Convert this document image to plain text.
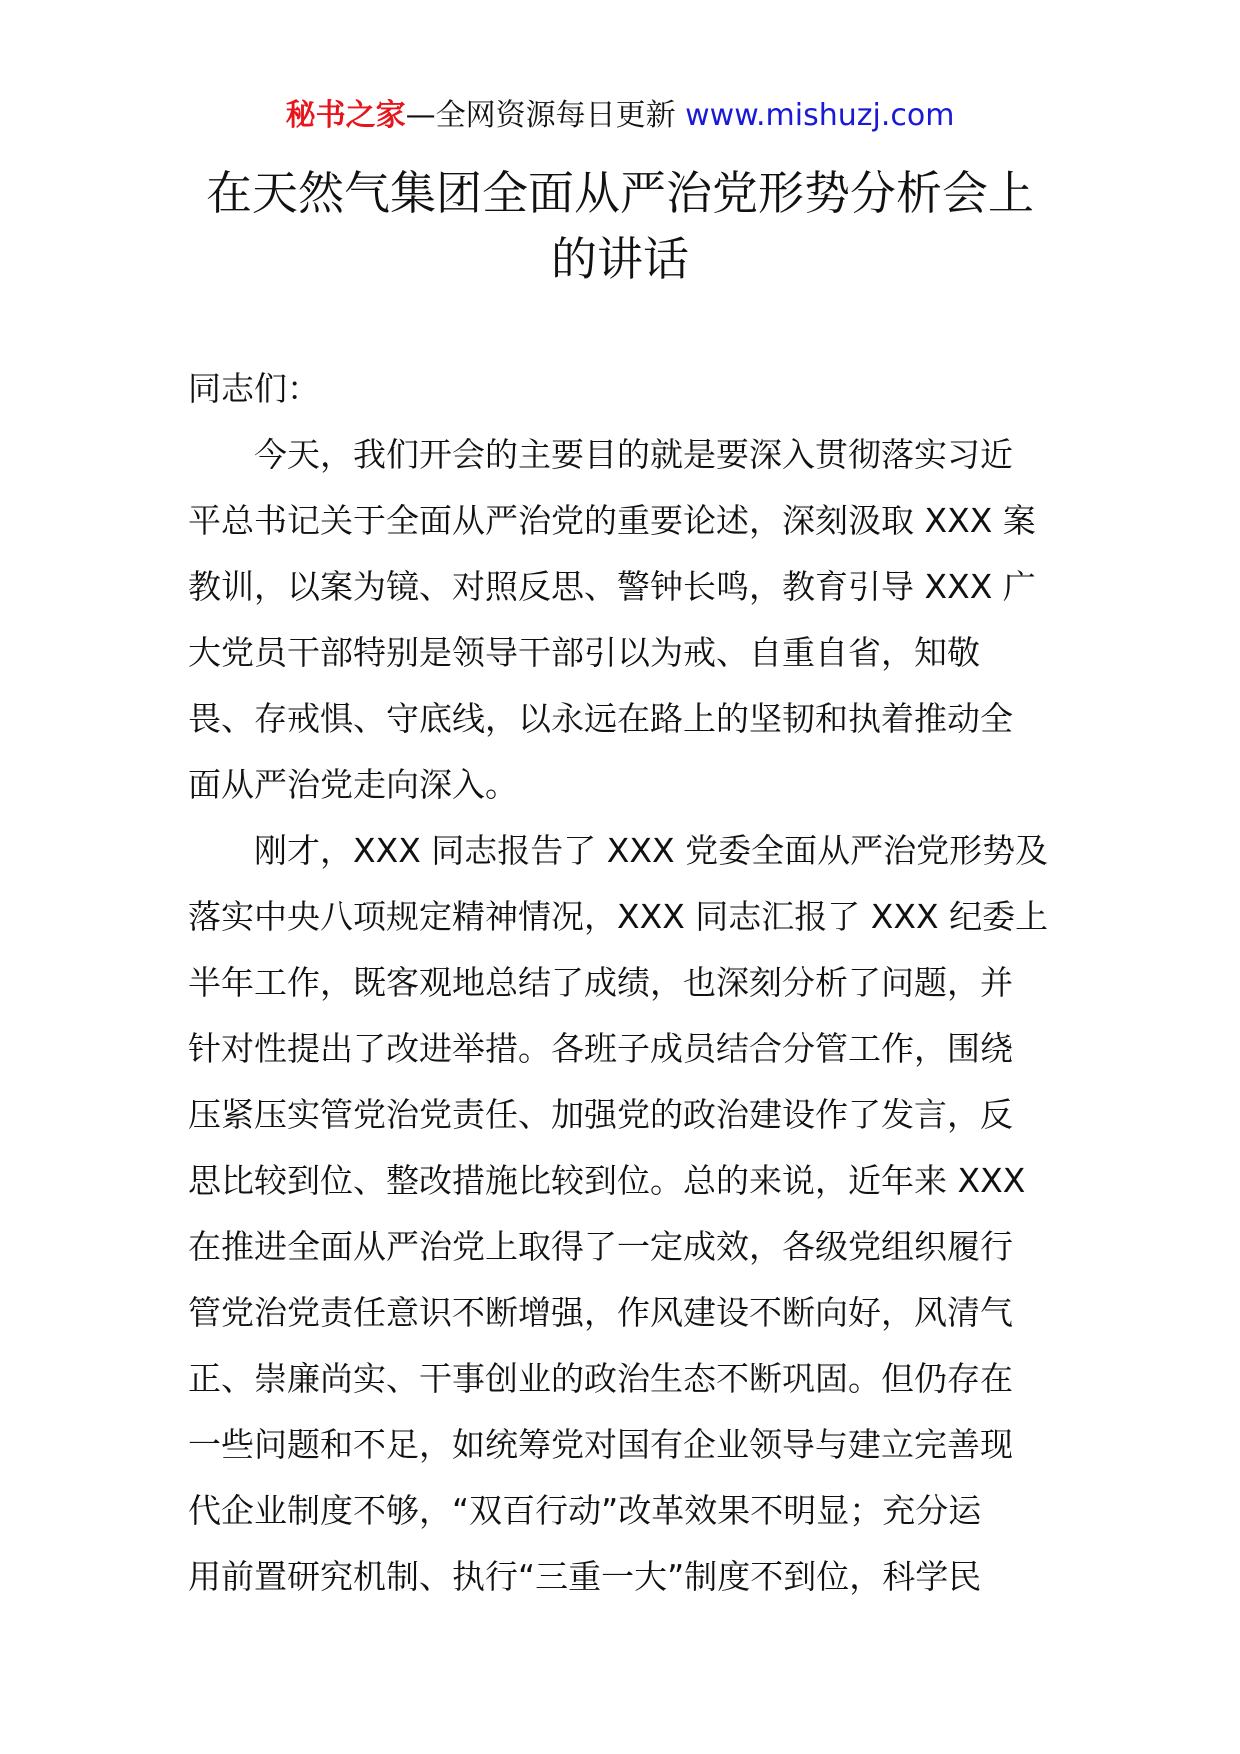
秘书之家—全网资源每日更新 www.mishuzj.com
在天然气集团全面从严治党形势分析会上
的讲话

同志们：

今天，我们开会的主要目的就是要深入贯彻落实习近
平总书记关于全面从严治党的重要论述，深刻汲取 XXX 案
教训，以案为镜、对照反思、警钟长鸣，教育引导 XXX 广
大党员干部特别是领导干部引以为戒、自重自省，知敬
畏、存戒惧、守底线，以永远在路上的坚韧和执着推动全
面从严治党走向深入。
刚才，XXX 同志报告了 XXX 党委全面从严治党形势及
落实中央八项规定精神情况，XXX 同志汇报了 XXX 纪委上
半年工作，既客观地总结了成绩，也深刻分析了问题，并
针对性提出了改进举措。各班子成员结合分管工作，围绕
压紧压实管党治党责任、加强党的政治建设作了发言，反
思比较到位、整改措施比较到位。总的来说，近年来 XXX
在推进全面从严治党上取得了一定成效，各级党组织履行
管党治党责任意识不断增强，作风建设不断向好，风清气
正、崇廉尚实、干事创业的政治生态不断巩固。但仍存在
一些问题和不足，如统筹党对国有企业领导与建立完善现
代企业制度不够，“双百行动”改革效果不明显；充分运
用前置研究机制、执行“三重一大”制度不到位，科学民
